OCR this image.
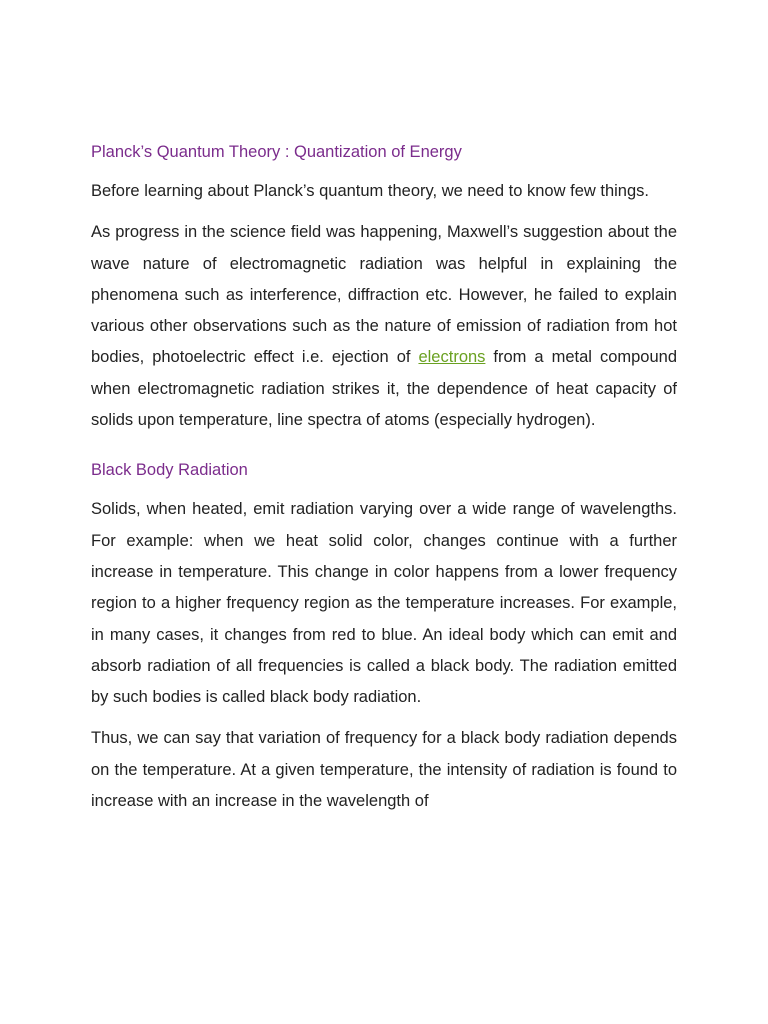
Planck’s Quantum Theory : Quantization of Energy

Before learning about Planck’s quantum theory, we need to know few things.

As progress in the science field was happening, Maxwell’s suggestion about the wave nature of electromagnetic radiation was helpful in explaining the phenomena such as interference, diffraction etc. However, he failed to explain various other observations such as the nature of emission of radiation from hot bodies, photoelectric effect i.e. ejection of electrons from a metal compound when electromagnetic radiation strikes it, the dependence of heat capacity of solids upon temperature, line spectra of atoms (especially hydrogen).

Black Body Radiation

Solids, when heated, emit radiation varying over a wide range of wavelengths. For example: when we heat solid color, changes continue with a further increase in temperature. This change in color happens from a lower frequency region to a higher frequency region as the temperature increases. For example, in many cases, it changes from red to blue. An ideal body which can emit and absorb radiation of all frequencies is called a black body. The radiation emitted by such bodies is called black body radiation.

Thus, we can say that variation of frequency for a black body radiation depends on the temperature. At a given temperature, the intensity of radiation is found to increase with an increase in the wavelength of
